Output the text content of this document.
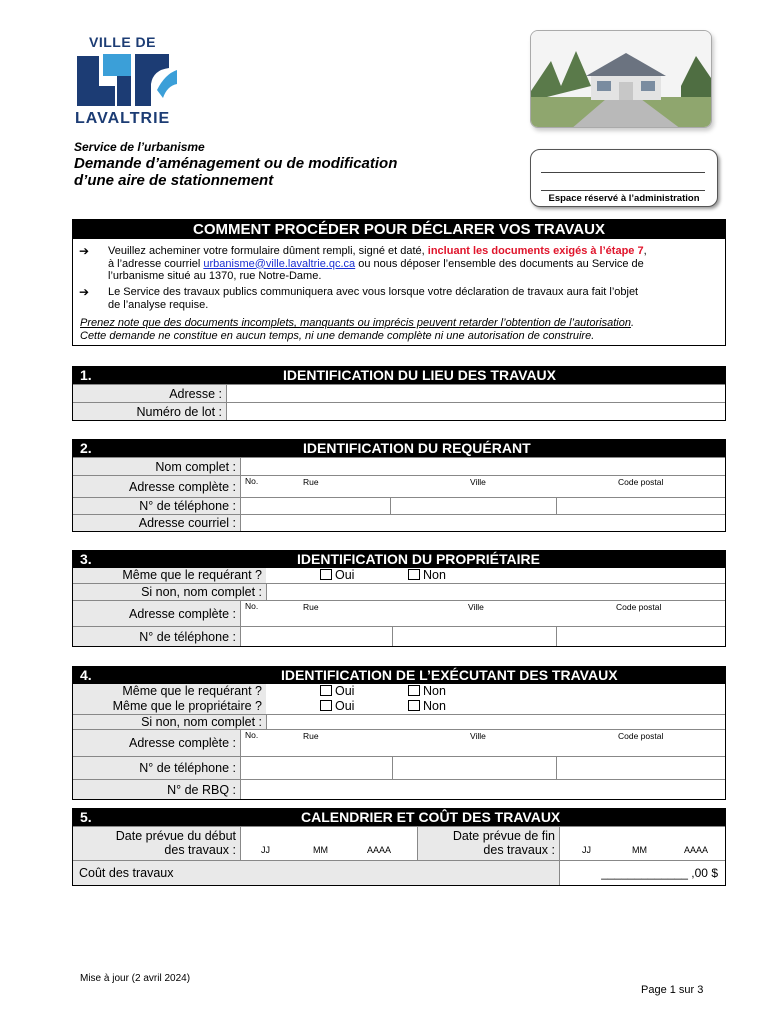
VILLE DE
LAVALTRIE
Service de l’urbanisme
Demande d’aménagement ou de modification
d’une aire de stationnement
Espace réservé à l’administration
COMMENT PROCÉDER POUR DÉCLARER VOS TRAVAUX
➔ Veuillez acheminer votre formulaire dûment rempli, signé et daté, incluant les documents exigés à l’étape 7,
à l’adresse courriel urbanisme@ville.lavaltrie.qc.ca ou nous déposer l’ensemble des documents au Service de
l’urbanisme situé au 1370, rue Notre-Dame.
➔ Le Service des travaux publics communiquera avec vous lorsque votre déclaration de travaux aura fait l’objet
de l’analyse requise.
Prenez note que des documents incomplets, manquants ou imprécis peuvent retarder l’obtention de l’autorisation.
Cette demande ne constitue en aucun temps, ni une demande complète ni une autorisation de construire.
1.	IDENTIFICATION DU LIEU DES TRAVAUX
Adresse :
Numéro de lot :
2.	IDENTIFICATION DU REQUÉRANT
Nom complet :
Adresse complète :	No.	Rue	Ville	Code postal
N° de téléphone :
Adresse courriel :
3.	IDENTIFICATION DU PROPRIÉTAIRE
Même que le requérant ?	Oui	Non
Si non, nom complet :
Adresse complète :
No.	Rue	Ville	Code postal
N° de téléphone :
4.	IDENTIFICATION DE L’EXÉCUTANT DES TRAVAUX
Même que le requérant ?	Oui	Non
Même que le propriétaire ?	Oui	Non
Si non, nom complet :
Adresse complète :
No.	Rue	Ville	Code postal
N° de téléphone :
N° de RBQ :
5.	CALENDRIER ET COÛT DES TRAVAUX
Date prévue du début
des travaux :	JJ	MM	AAAA
Date prévue de fin
des travaux :	JJ	MM	AAAA
Coût des travaux	_____________ ,00 $
Mise à jour (2 avril 2024)
Page 1 sur 3
